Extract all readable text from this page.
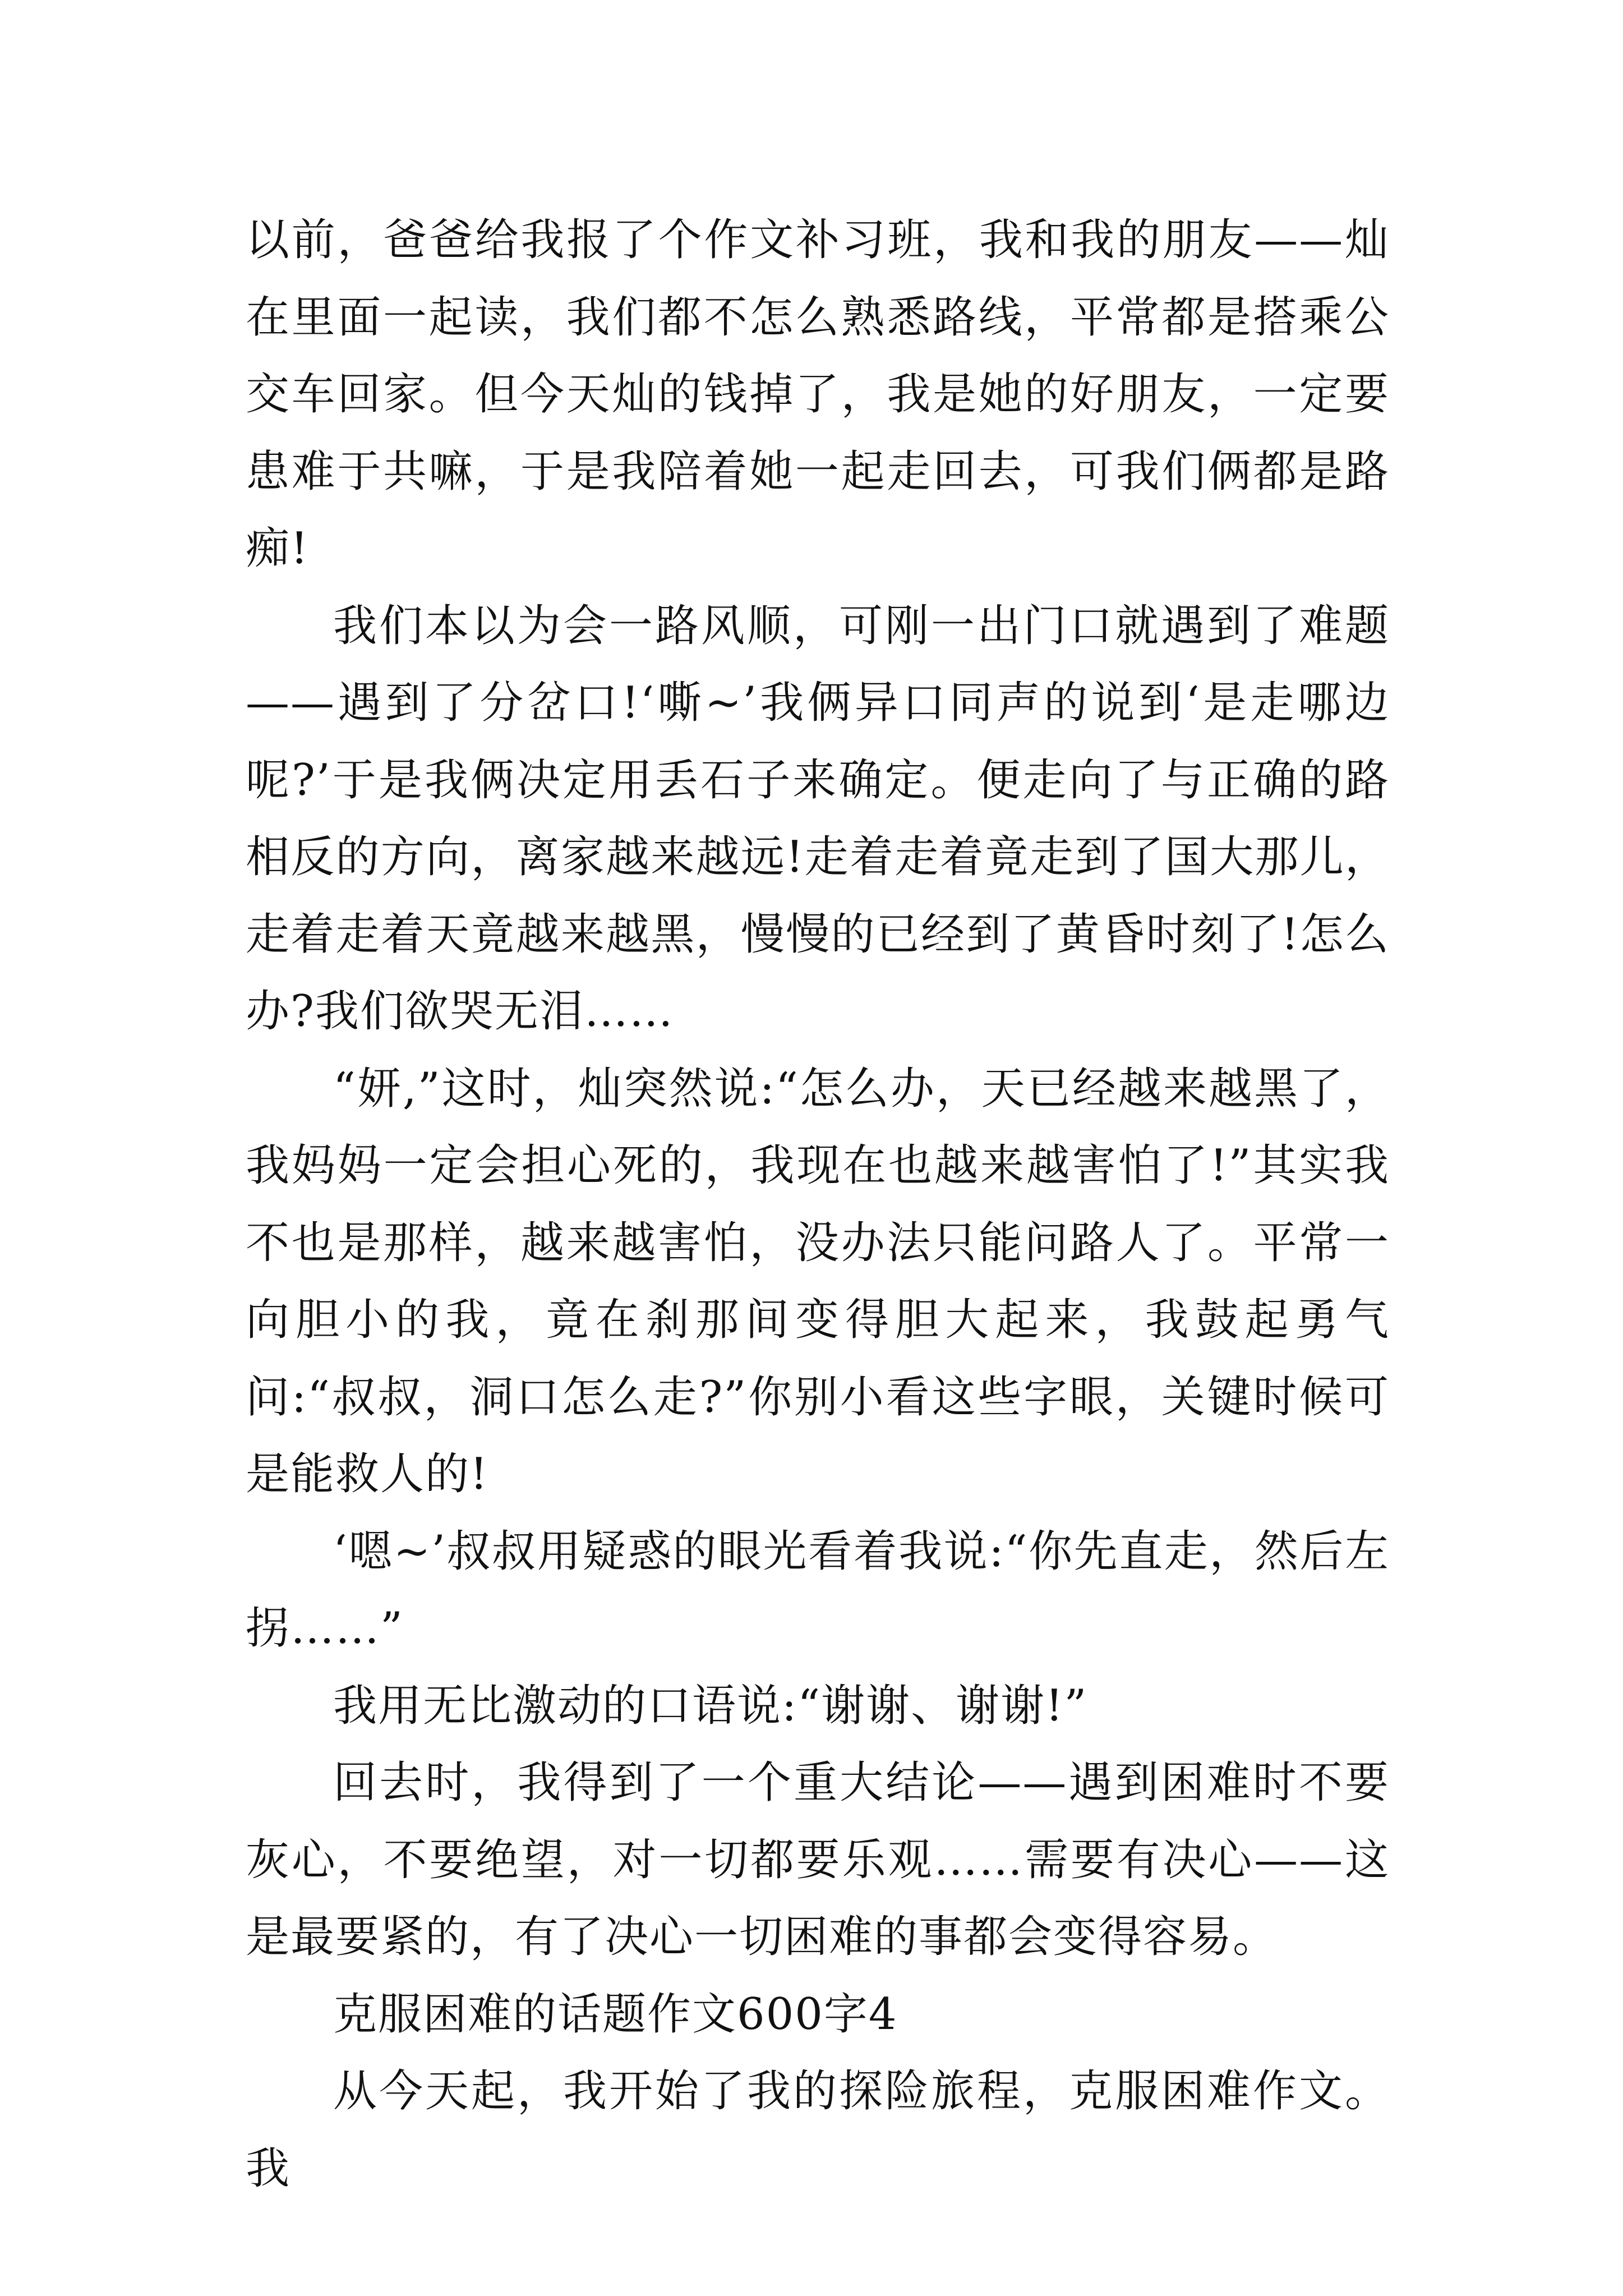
以前，爸爸给我报了个作文补习班，我和我的朋友——灿在里面一起读，我们都不怎么熟悉路线，平常都是搭乘公交车回家。但今天灿的钱掉了，我是她的好朋友，一定要患难于共嘛，于是我陪着她一起走回去，可我们俩都是路痴!

我们本以为会一路风顺，可刚一出门口就遇到了难题——遇到了分岔口!‘嘶~’我俩异口同声的说到‘是走哪边呢?’于是我俩决定用丢石子来确定。便走向了与正确的路相反的方向，离家越来越远!走着走着竟走到了国大那儿，走着走着天竟越来越黑，慢慢的已经到了黄昏时刻了!怎么办?我们欲哭无泪……

“妍,”这时，灿突然说:“怎么办，天已经越来越黑了，我妈妈一定会担心死的，我现在也越来越害怕了!”其实我不也是那样，越来越害怕，没办法只能问路人了。平常一向胆小的我，竟在刹那间变得胆大起来，我鼓起勇气问:“叔叔，洞口怎么走?”你别小看这些字眼，关键时候可是能救人的!

‘嗯~’叔叔用疑惑的眼光看着我说:“你先直走，然后左拐……”

我用无比激动的口语说:“谢谢、谢谢!”

回去时，我得到了一个重大结论——遇到困难时不要灰心，不要绝望，对一切都要乐观……需要有决心——这是最要紧的，有了决心一切困难的事都会变得容易。

克服困难的话题作文600字4

从今天起，我开始了我的探险旅程，克服困难作文。我
